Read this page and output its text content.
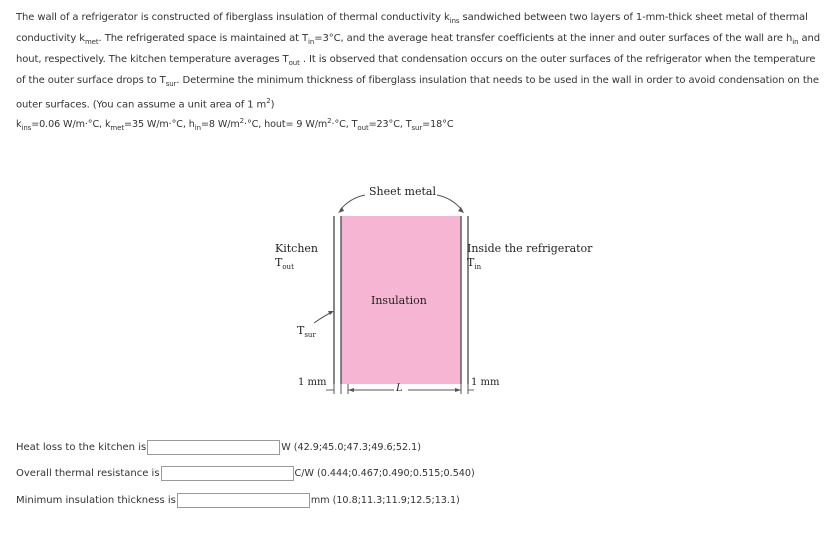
The wall of a refrigerator is constructed of fiberglass insulation of thermal conductivity $k_{ins}$ sandwiched between two layers of 1-mm-thick sheet metal of thermal conductivity $k_{met}$. The refrigerated space is maintained at $T_{in}=3^\circ C$, and the average heat transfer coefficients at the inner and outer surfaces of the wall are $h_{in}$ and hout, respectively. The kitchen temperature averages $T_{out}$ . It is observed that condensation occurs on the outer surfaces of the refrigerator when the temperature of the outer surface drops to $T_{sur}$. Determine the minimum thickness of fiberglass insulation that needs to be used in the wall in order to avoid condensation on the outer surfaces. (You can assume a unit area of 1 $m^2$)
$k_{ins}=0.06$ W/m·°C, $k_{met}=35$ W/m·°C, $h_{in}=8$ $W/m^2\cdot^\circ C$, hout= 9 $W/m^2\cdot^\circ C$, $T_{out}=23^\circ C$, $T_{sur}=18^\circ C$
Sheet metal
Kitchen
$T_{out}$
Inside the refrigerator
$T_{in}$
Insulation
$T_{sur}$
1 mm	1 mm
L
Heat loss to the kitchen is	W (42.9;45.0;47.3;49.6;52.1)
Overall thermal resistance is	C/W (0.444;0.467;0.490;0.515;0.540)
Minimum insulation thickness is	mm (10.8;11.3;11.9;12.5;13.1)
